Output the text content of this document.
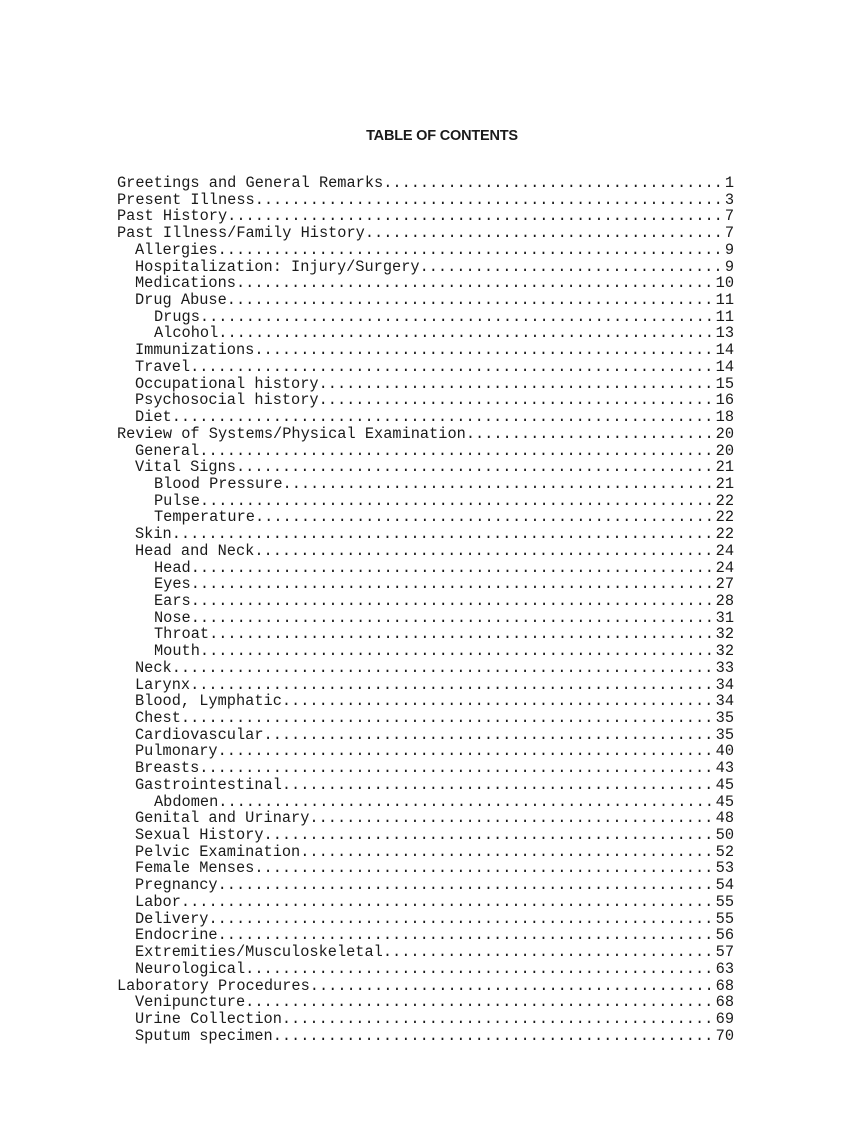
TABLE OF CONTENTS
Greetings and General Remarks .....	1
Present Illness .....	3
Past History .....	7
Past Illness/Family History .....	7
Allergies .....	9
Hospitalization: Injury/Surgery .....	9
Medications .....	10
Drug Abuse .....	11
Drugs .....	11
Alcohol .....	13
Immunizations .....	14
Travel .....	14
Occupational history .....	15
Psychosocial history .....	16
Diet .....	18
Review of Systems/Physical Examination .....	20
General .....	20
Vital Signs .....	21
Blood Pressure .....	21
Pulse .....	22
Temperature .....	22
Skin .....	22
Head and Neck .....	24
Head .....	24
Eyes .....	27
Ears .....	28
Nose .....	31
Throat .....	32
Mouth .....	32
Neck .....	33
Larynx .....	34
Blood, Lymphatic .....	34
Chest .....	35
Cardiovascular .....	35
Pulmonary .....	40
Breasts .....	43
Gastrointestinal .....	45
Abdomen .....	45
Genital and Urinary .....	48
Sexual History .....	50
Pelvic Examination .....	52
Female Menses .....	53
Pregnancy .....	54
Labor .....	55
Delivery .....	55
Endocrine .....	56
Extremities/Musculoskeletal .....	57
Neurological .....	63
Laboratory Procedures .....	68
Venipuncture .....	68
Urine Collection .....	69
Sputum specimen .....	70
